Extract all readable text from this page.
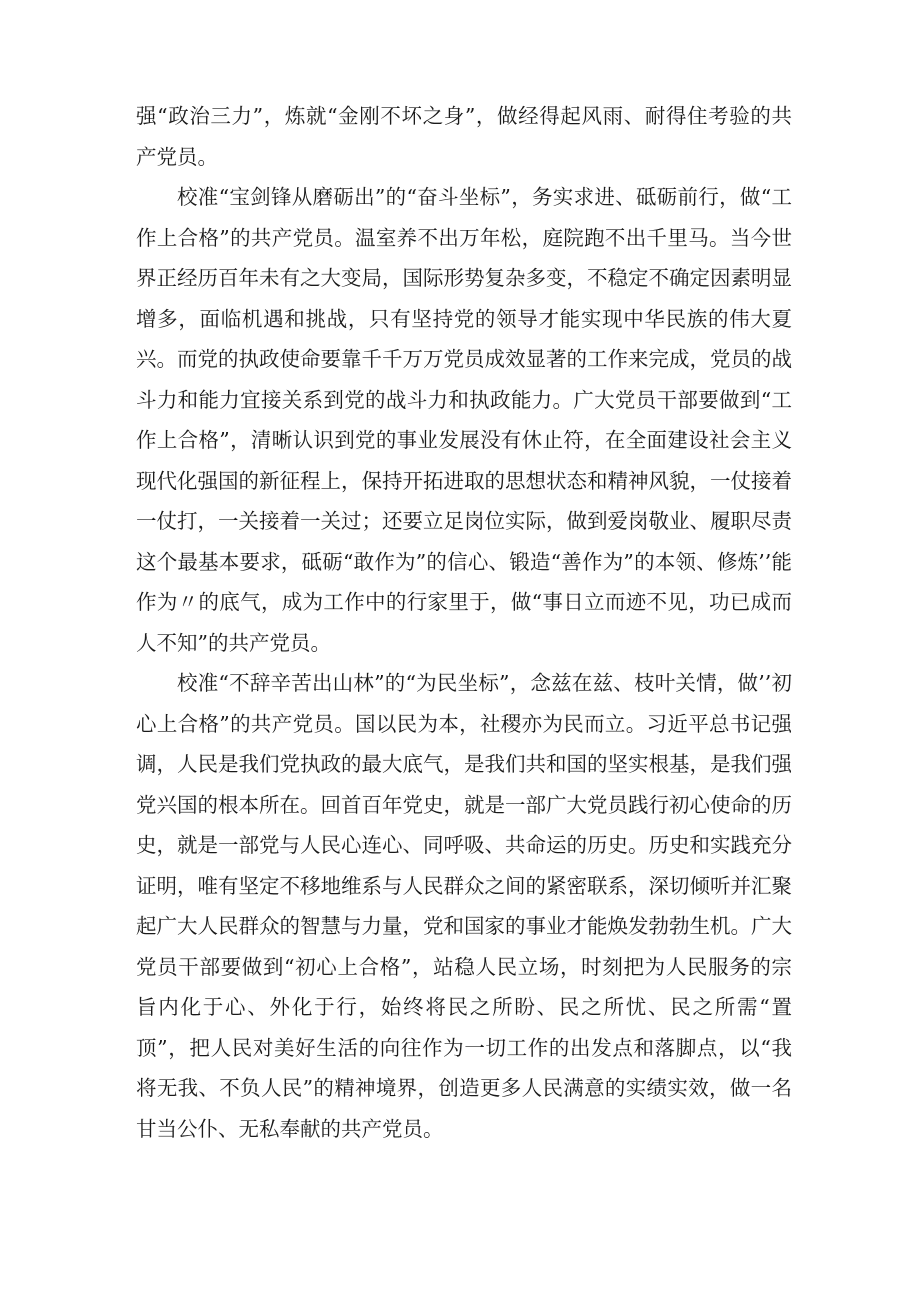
强“政治三力”，炼就“金刚不坏之身”，做经得起风雨、耐得住考验的共产党员。

校准“宝剑锋从磨砺出”的“奋斗坐标”，务实求进、砥砺前行，做“工作上合格”的共产党员。温室养不出万年松，庭院跑不出千里马。当今世界正经历百年未有之大变局，国际形势复杂多变，不稳定不确定因素明显增多，面临机遇和挑战，只有坚持党的领导才能实现中华民族的伟大夏兴。而党的执政使命要靠千千万万党员成效显著的工作来完成，党员的战斗力和能力宜接关系到党的战斗力和执政能力。广大党员干部要做到“工作上合格”，清晰认识到党的事业发展没有休止符，在全面建设社会主义现代化强国的新征程上，保持开拓进取的思想状态和精神风貌，一仗接着一仗打，一关接着一关过；还要立足岗位实际，做到爱岗敬业、履职尽责这个最基本要求，砥砺“敢作为”的信心、锻造“善作为”的本领、修炼’’能作为〃的底气，成为工作中的行家里于，做“事日立而迹不见，功已成而人不知”的共产党员。

校准“不辞辛苦出山林”的“为民坐标”，念兹在兹、枝叶关情，做’’初心上合格”的共产党员。国以民为本，社稷亦为民而立。习近平总书记强调，人民是我们党执政的最大底气，是我们共和国的坚实根基，是我们强党兴国的根本所在。回首百年党史，就是一部广大党员践行初心使命的历史，就是一部党与人民心连心、同呼吸、共命运的历史。历史和实践充分证明，唯有坚定不移地维系与人民群众之间的紧密联系，深切倾听并汇聚起广大人民群众的智慧与力量，党和国家的事业才能焕发勃勃生机。广大党员干部要做到“初心上合格”，站稳人民立场，时刻把为人民服务的宗旨内化于心、外化于行，始终将民之所盼、民之所忧、民之所需“置顶”，把人民对美好生活的向往作为一切工作的出发点和落脚点，以“我将无我、不负人民”的精神境界，创造更多人民满意的实绩实效，做一名甘当公仆、无私奉献的共产党员。
